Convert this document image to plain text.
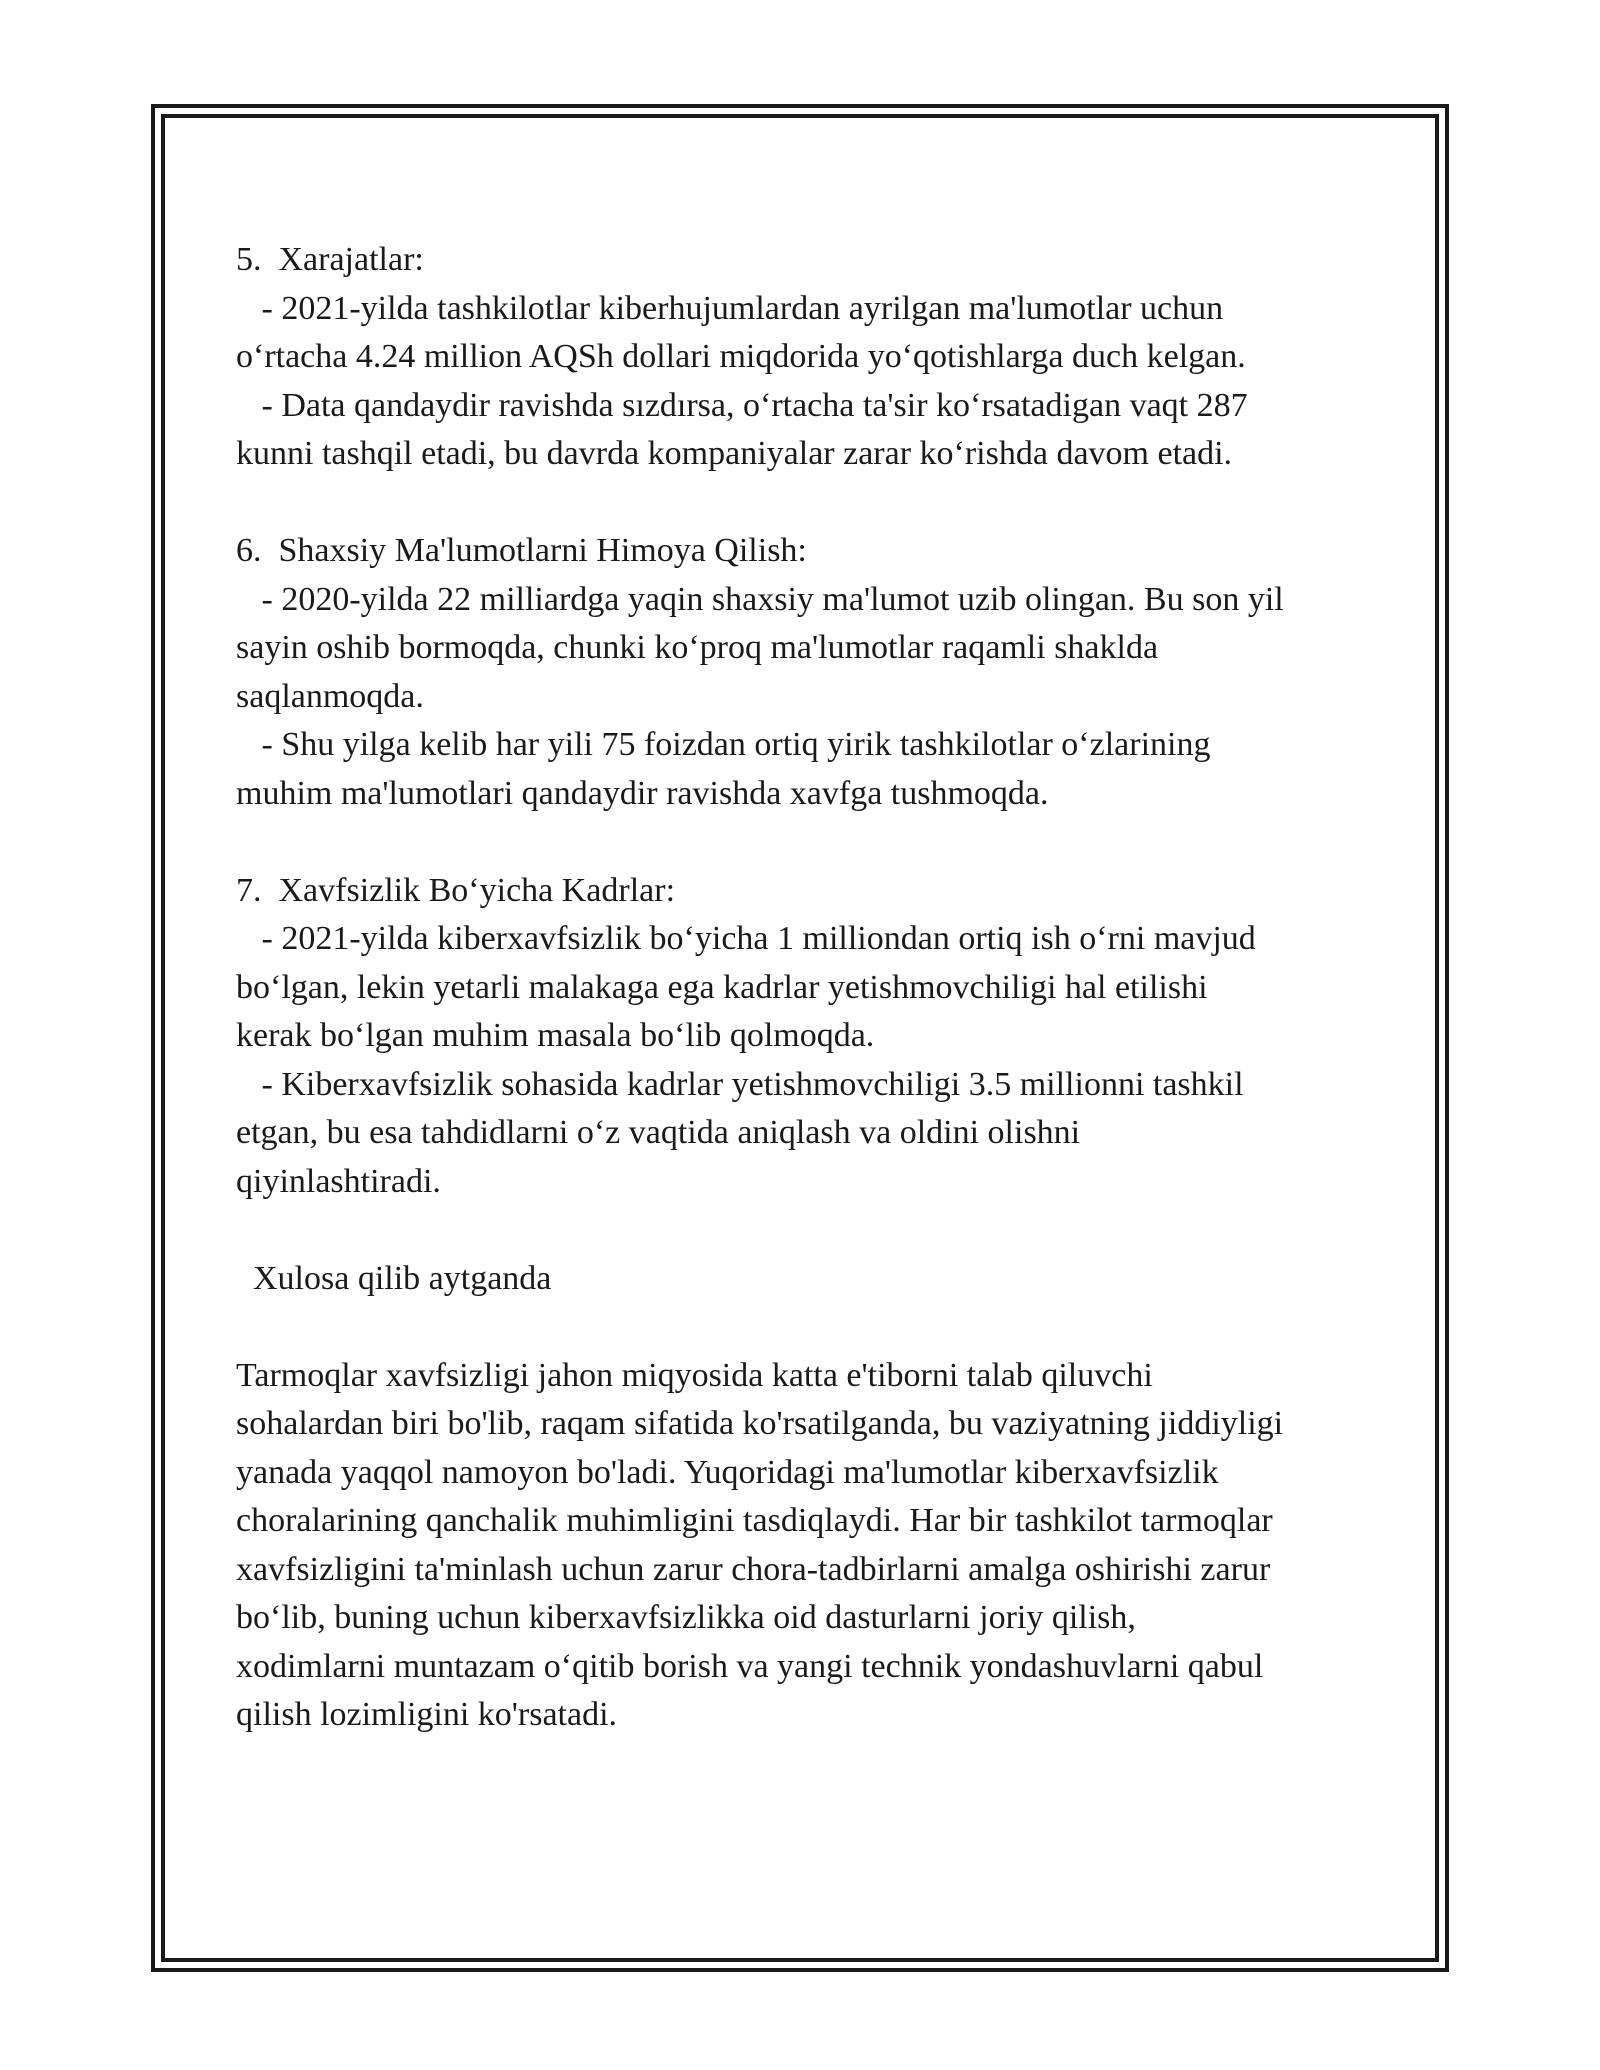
5.  Xarajatlar:
- 2021-yilda tashkilotlar kiberhujumlardan ayrilgan ma'lumotlar uchun
o‘rtacha 4.24 million AQSh dollari miqdorida yo‘qotishlarga duch kelgan.
- Data qandaydir ravishda sızdırsa, o‘rtacha ta'sir ko‘rsatadigan vaqt 287
kunni tashqil etadi, bu davrda kompaniyalar zarar ko‘rishda davom etadi.
6.  Shaxsiy Ma'lumotlarni Himoya Qilish:
- 2020-yilda 22 milliardga yaqin shaxsiy ma'lumot uzib olingan. Bu son yil
sayin oshib bormoqda, chunki ko‘proq ma'lumotlar raqamli shaklda
saqlanmoqda.
- Shu yilga kelib har yili 75 foizdan ortiq yirik tashkilotlar o‘zlarining
muhim ma'lumotlari qandaydir ravishda xavfga tushmoqda.
7.  Xavfsizlik Bo‘yicha Kadrlar:
- 2021-yilda kiberxavfsizlik bo‘yicha 1 milliondan ortiq ish o‘rni mavjud
bo‘lgan, lekin yetarli malakaga ega kadrlar yetishmovchiligi hal etilishi
kerak bo‘lgan muhim masala bo‘lib qolmoqda.
- Kiberxavfsizlik sohasida kadrlar yetishmovchiligi 3.5 millionni tashkil
etgan, bu esa tahdidlarni o‘z vaqtida aniqlash va oldini olishni
qiyinlashtiradi.
Xulosa qilib aytganda
Tarmoqlar xavfsizligi jahon miqyosida katta e'tiborni talab qiluvchi
sohalardan biri bo'lib, raqam sifatida ko'rsatilganda, bu vaziyatning jiddiyligi
yanada yaqqol namoyon bo'ladi. Yuqoridagi ma'lumotlar kiberxavfsizlik
choralarining qanchalik muhimligini tasdiqlaydi. Har bir tashkilot tarmoqlar
xavfsizligini ta'minlash uchun zarur chora-tadbirlarni amalga oshirishi zarur
bo‘lib, buning uchun kiberxavfsizlikka oid dasturlarni joriy qilish,
xodimlarni muntazam o‘qitib borish va yangi technik yondashuvlarni qabul
qilish lozimligini ko'rsatadi.
